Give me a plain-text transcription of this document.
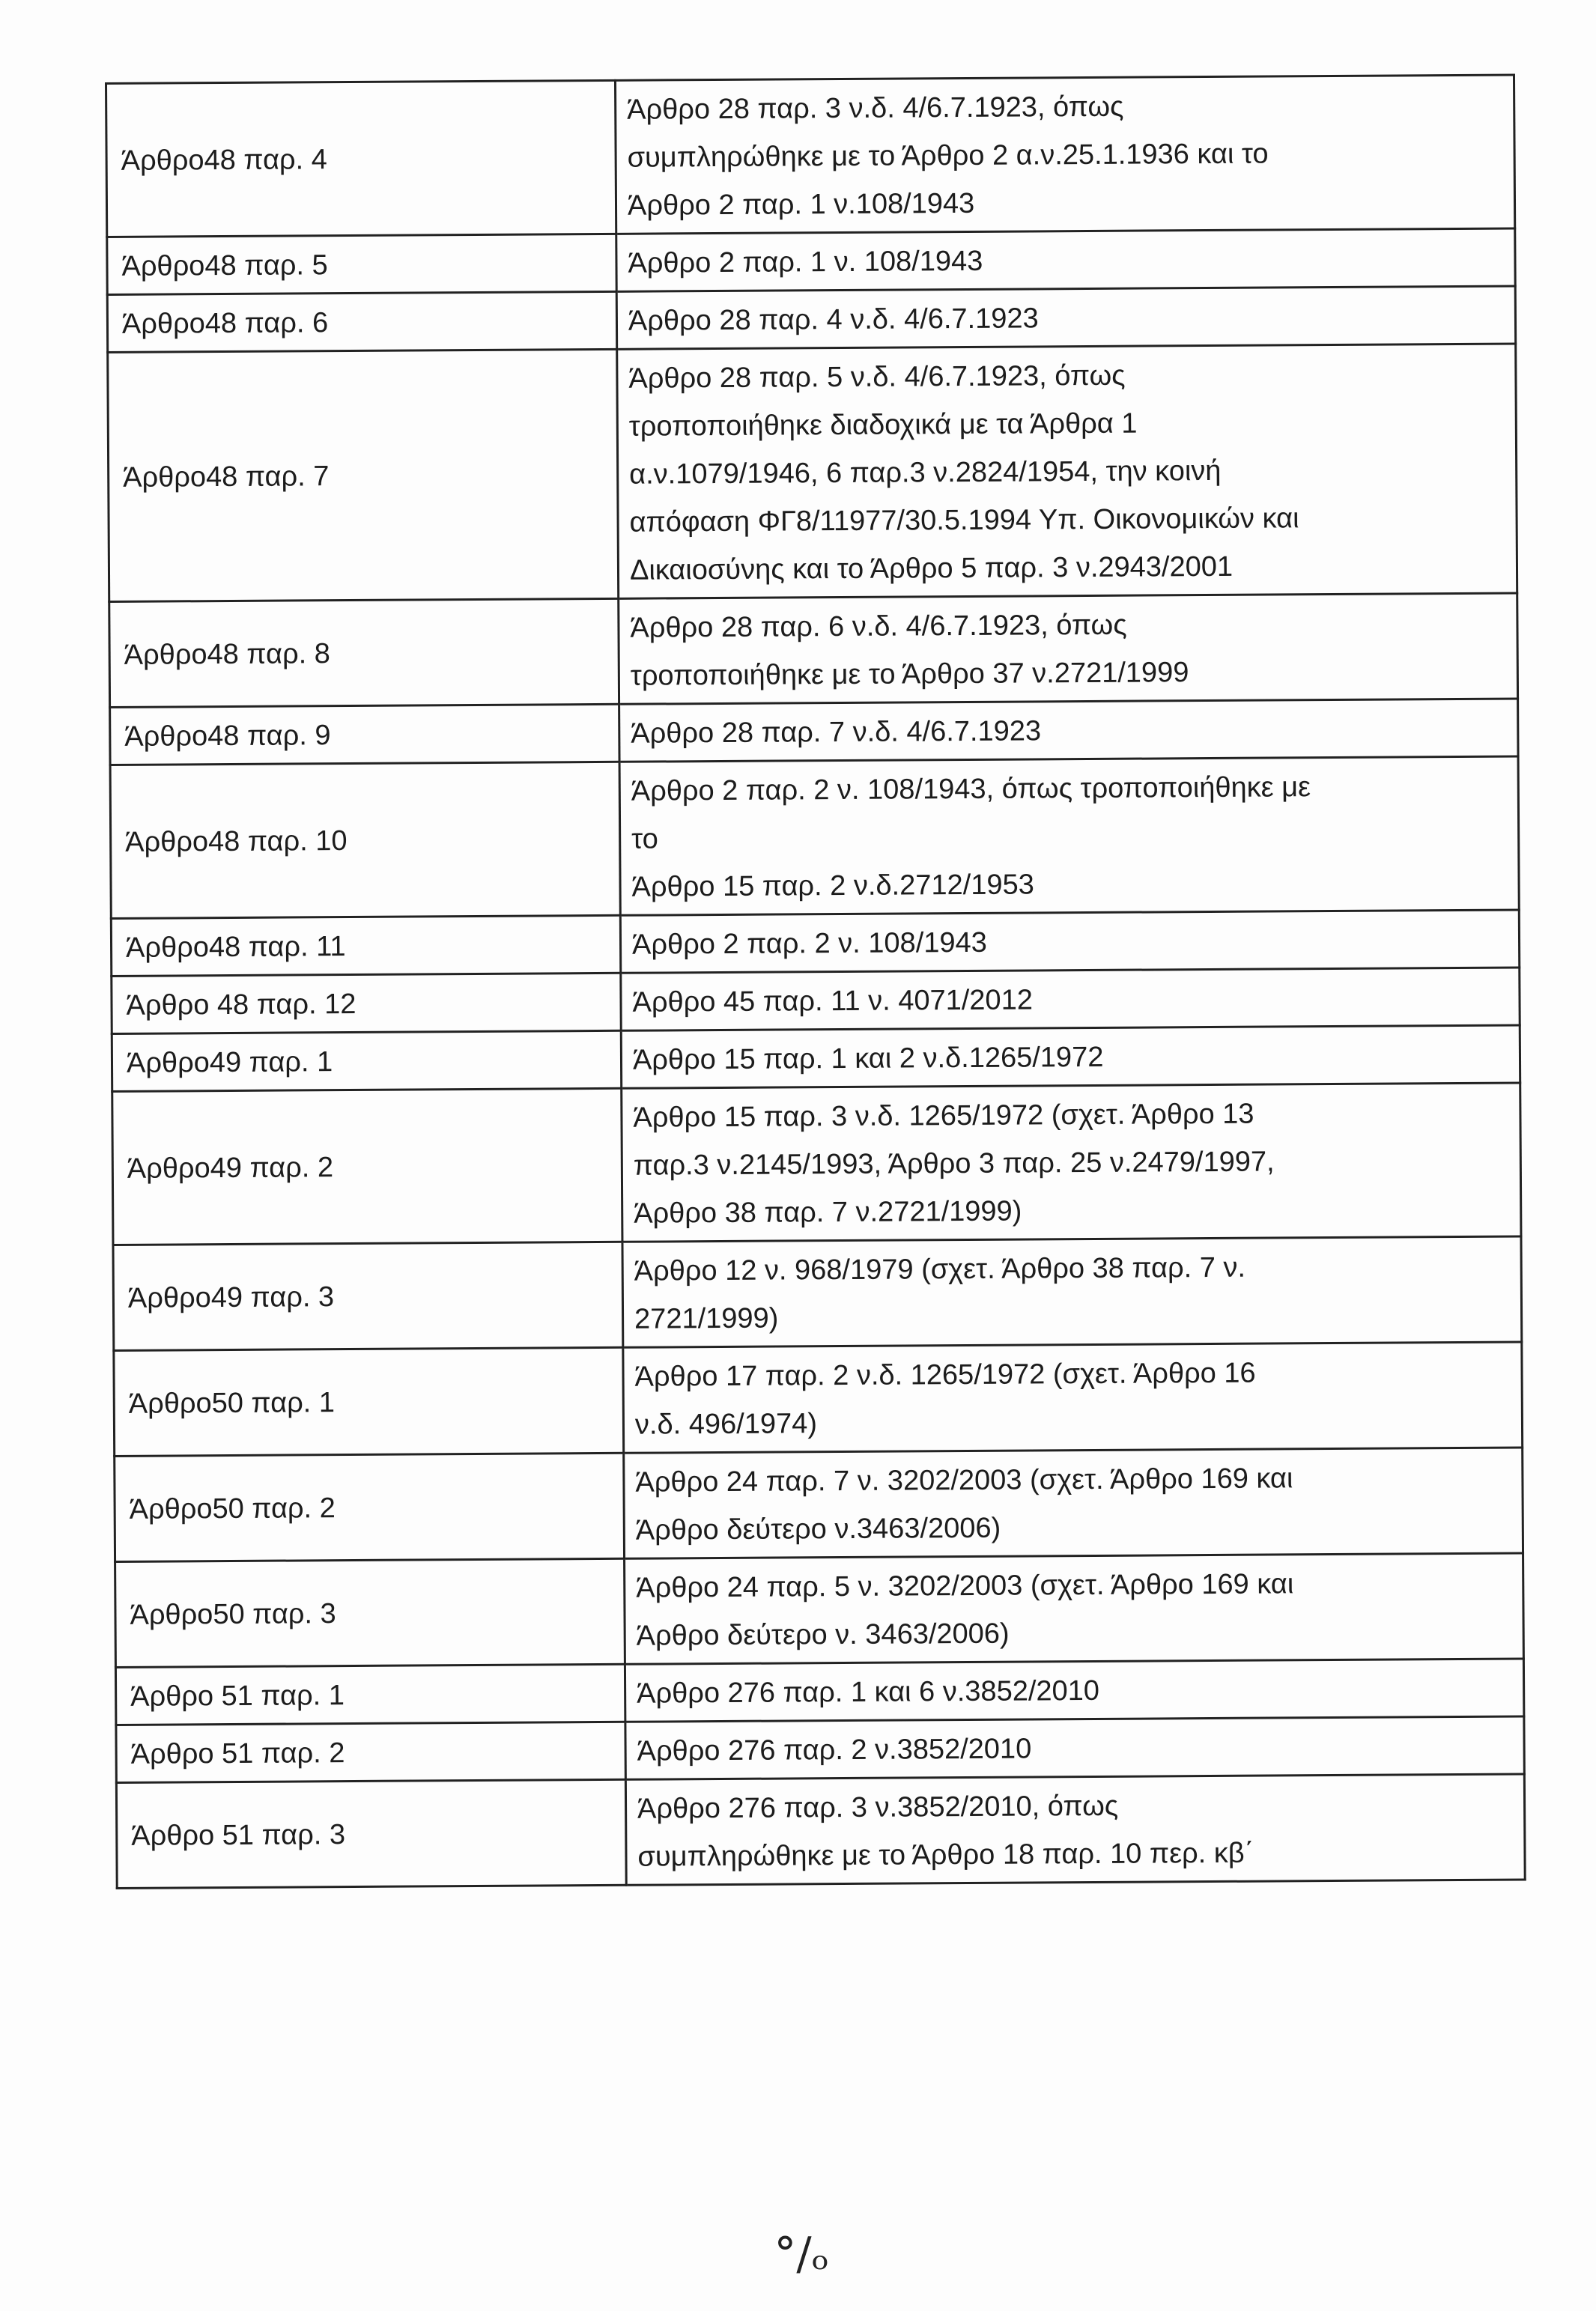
Άρθρο48 παρ. 4	Άρθρο 28 παρ. 3 ν.δ. 4/6.7.1923, όπως
συμπληρώθηκε με το Άρθρο 2 α.ν.25.1.1936 και το
Άρθρο 2 παρ. 1 ν.108/1943
Άρθρο48 παρ. 5	Άρθρο 2 παρ. 1 ν. 108/1943
Άρθρο48 παρ. 6	Άρθρο 28 παρ. 4 ν.δ. 4/6.7.1923
Άρθρο48 παρ. 7	Άρθρο 28 παρ. 5 ν.δ. 4/6.7.1923, όπως
τροποποιήθηκε διαδοχικά με τα Άρθρα 1
α.ν.1079/1946, 6 παρ.3 ν.2824/1954, την κοινή
απόφαση ΦΓ8/11977/30.5.1994 Υπ. Οικονομικών και
Δικαιοσύνης και το Άρθρο 5 παρ. 3 ν.2943/2001
Άρθρο48 παρ. 8	Άρθρο 28 παρ. 6 ν.δ. 4/6.7.1923, όπως
τροποποιήθηκε με το Άρθρο 37 ν.2721/1999
Άρθρο48 παρ. 9	Άρθρο 28 παρ. 7 ν.δ. 4/6.7.1923
Άρθρο48 παρ. 10	Άρθρο 2 παρ. 2 ν. 108/1943, όπως τροποποιήθηκε με
το
Άρθρο 15 παρ. 2 ν.δ.2712/1953
Άρθρο48 παρ. 11	Άρθρο 2 παρ. 2 ν. 108/1943
Άρθρο 48 παρ. 12	Άρθρο 45 παρ. 11 ν. 4071/2012
Άρθρο49 παρ. 1	Άρθρο 15 παρ. 1 και 2 ν.δ.1265/1972
Άρθρο49 παρ. 2	Άρθρο 15 παρ. 3 ν.δ. 1265/1972 (σχετ. Άρθρο 13
παρ.3 ν.2145/1993, Άρθρο 3 παρ. 25 ν.2479/1997,
Άρθρο 38 παρ. 7 ν.2721/1999)
Άρθρο49 παρ. 3	Άρθρο 12 ν. 968/1979 (σχετ. Άρθρο 38 παρ. 7 ν.
2721/1999)
Άρθρο50 παρ. 1	Άρθρο 17 παρ. 2 ν.δ. 1265/1972 (σχετ. Άρθρο 16
ν.δ. 496/1974)
Άρθρο50 παρ. 2	Άρθρο 24 παρ. 7 ν. 3202/2003 (σχετ. Άρθρο 169 και
Άρθρο δεύτερο ν.3463/2006)
Άρθρο50 παρ. 3	Άρθρο 24 παρ. 5 ν. 3202/2003 (σχετ. Άρθρο 169 και
Άρθρο δεύτερο ν. 3463/2006)
Άρθρο 51 παρ. 1	Άρθρο 276 παρ. 1 και 6 ν.3852/2010
Άρθρο 51 παρ. 2	Άρθρο 276 παρ. 2 ν.3852/2010
Άρθρο 51 παρ. 3	Άρθρο 276 παρ. 3 ν.3852/2010, όπως
συμπληρώθηκε με το Άρθρο 18 παρ. 10 περ. κβ΄
°/ₒ
